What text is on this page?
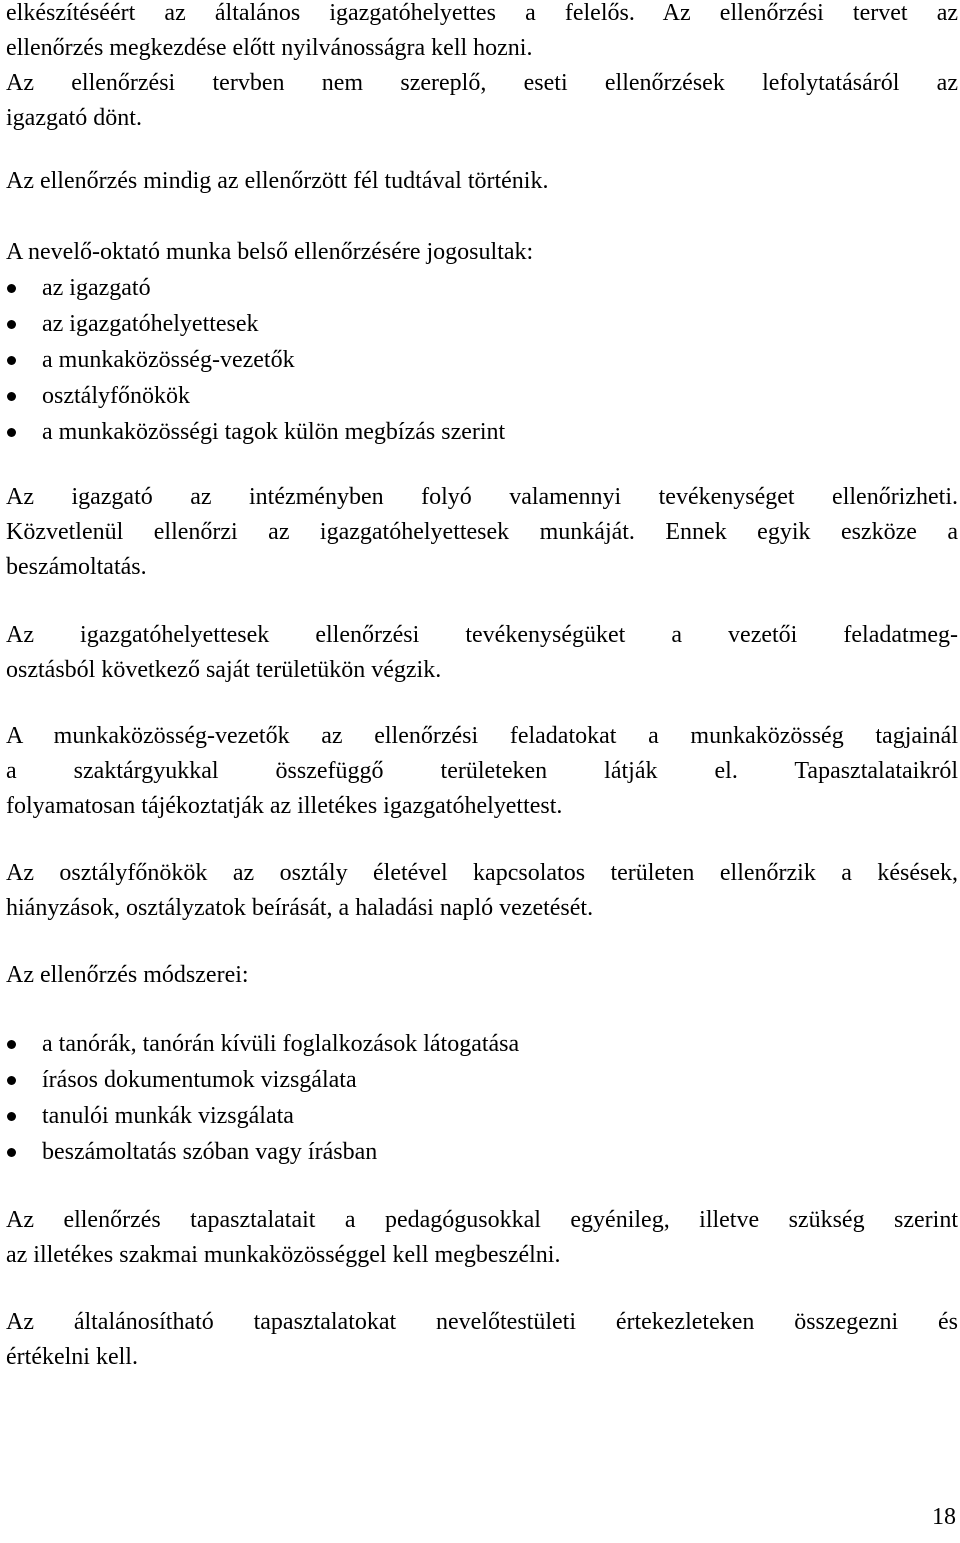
elkészítéséért az általános igazgatóhelyettes a felelős. Az ellenőrzési tervet az
ellenőrzés megkezdése előtt nyilvánosságra kell hozni.
Az ellenőrzési tervben nem szereplő, eseti ellenőrzések lefolytatásáról az
igazgató dönt.
Az ellenőrzés mindig az ellenőrzött fél tudtával történik.
A nevelő-oktató munka belső ellenőrzésére jogosultak:
az igazgató
az igazgatóhelyettesek
a munkaközösség-vezetők
osztályfőnökök
a munkaközösségi tagok külön megbízás szerint
Az igazgató az intézményben folyó valamennyi tevékenységet ellenőrizheti.
Közvetlenül ellenőrzi az igazgatóhelyettesek munkáját. Ennek egyik eszköze a
beszámoltatás.
Az igazgatóhelyettesek ellenőrzési tevékenységüket a vezetői feladatmeg-
osztásból következő saját területükön végzik.
A munkaközösség-vezetők az ellenőrzési feladatokat a munkaközösség tagjainál
a szaktárgyukkal összefüggő területeken látják el. Tapasztalataikról
folyamatosan tájékoztatják az illetékes igazgatóhelyettest.
Az osztályfőnökök az osztály életével kapcsolatos területen ellenőrzik a késések,
hiányzások, osztályzatok beírását, a haladási napló vezetését.
Az ellenőrzés módszerei:
a tanórák, tanórán kívüli foglalkozások látogatása
írásos dokumentumok vizsgálata
tanulói munkák vizsgálata
beszámoltatás szóban vagy írásban
Az ellenőrzés tapasztalatait a pedagógusokkal egyénileg, illetve szükség szerint
az illetékes szakmai munkaközösséggel kell megbeszélni.
Az általánosítható tapasztalatokat nevelőtestületi értekezleteken összegezni és
értékelni kell.
18
